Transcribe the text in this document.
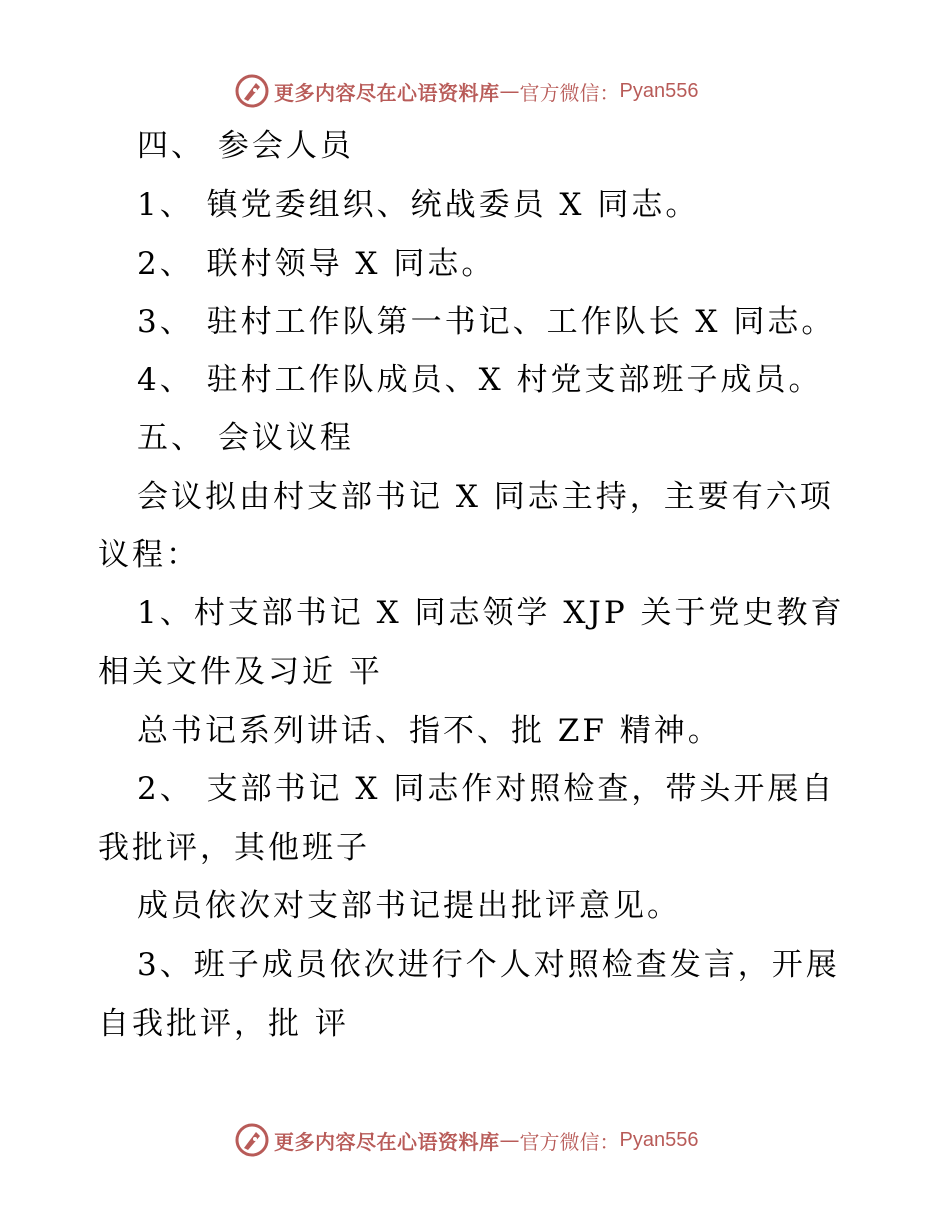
更多内容尽在心语资料库 — 官方微信： Pyan556
四、 参会人员
1、 镇党委组织、统战委员 X 同志。
2、 联村领导 X 同志。
3、 驻村工作队第一书记、工作队长 X 同志。
4、 驻村工作队成员、X 村党支部班子成员。
五、 会议议程
会议拟由村支部书记 X 同志主持，主要有六项
议程：
1、村支部书记 X 同志领学 XJP 关于党史教育
相关文件及习近 平
总书记系列讲话、指不、批 ZF 精神。
2、 支部书记 X 同志作对照检查，带头开展自
我批评，其他班子
成员依次对支部书记提出批评意见。
3、班子成员依次进行个人对照检查发言，开展
自我批评，批 评
更多内容尽在心语资料库 — 官方微信： Pyan556
